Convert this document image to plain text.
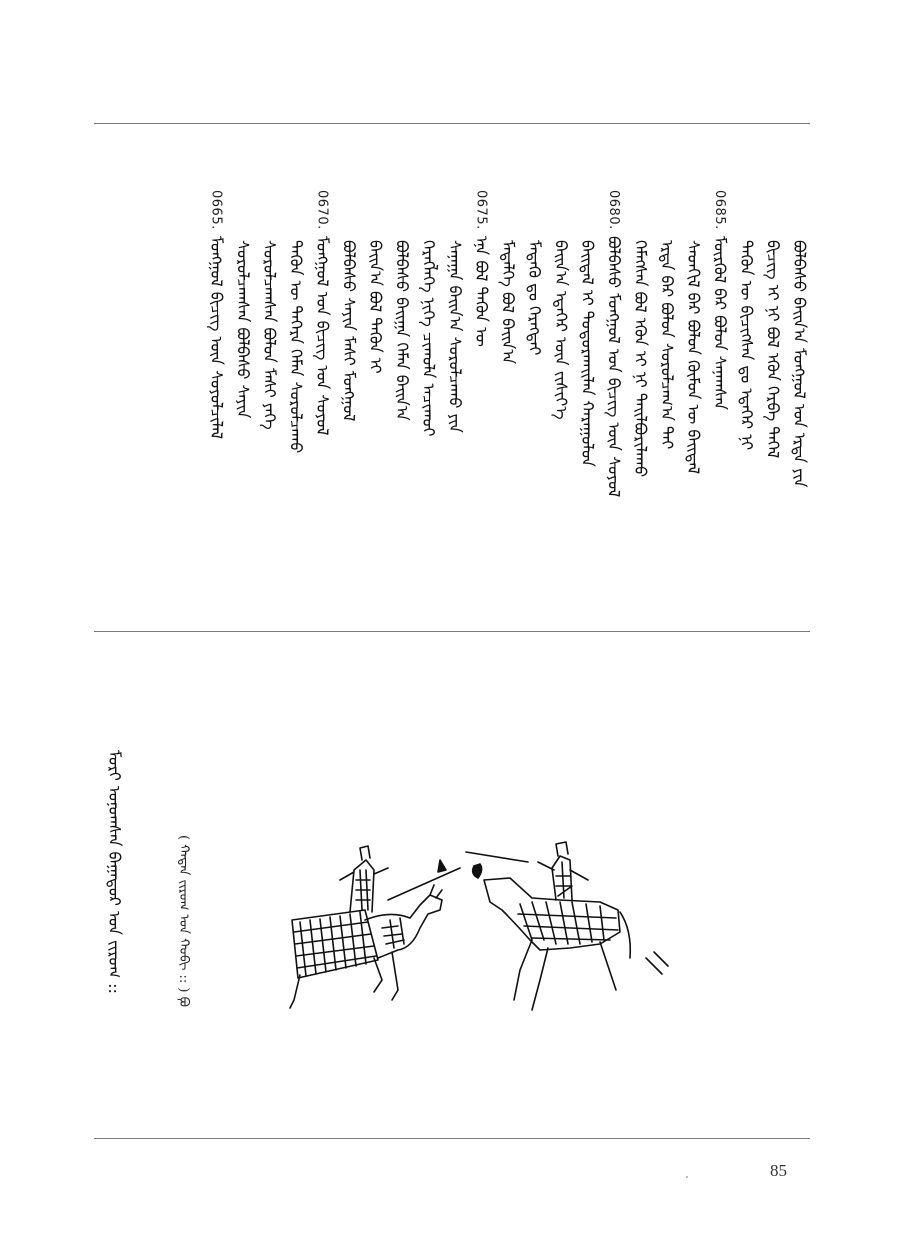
ᠪᠣᠯᠪᠠᠰᠤ ᠪᠠᠢᠨ᠎ᠠ ᠮᠣᠩᠭᠣᠯ ᠤᠨ ᠡᠷᠲᠡ ᠶᠢᠨ
ᠪᠢᠴᠢᠭ᠌ ᠢ ᠨᠢ ᠪᠣᠯ ᠡᠭᠦᠨ ᠬᠡᠷᠪᠡ ᠲᠡᠭᠡᠯ
ᠲᠡᠭᠦᠨ ᠦ ᠪᠢᠴᠢᠭᠰᠡᠨ ᠳᠤ ᠡᠳᠡᠭᠡᠷ ᠨᠢ
0685.
ᠮᠥᠷᠭᠦᠯ ᠪᠠᠷ ᠪᠣᠯᠤᠨ ᠰᠠᠨᠠᠭᠰᠠᠨ
ᠰᠡᠳᠬᠢᠯ ᠪᠠᠷ ᠪᠣᠯᠤᠨ ᠬᠦᠮᠦᠨ ᠦ ᠪᠠᠢᠳᠠᠯ
ᠡᠷᠲᠡ ᠪᠠᠷ ᠪᠣᠯᠤᠨ ᠰᠤᠷᠤᠯᠴᠠᠭ᠎ᠠ ᠲᠠᠢ
ᠬᠡᠮᠡᠭᠰᠡᠨ ᠪᠣᠯ ᠡᠭᠦᠨ ᠢ ᠨᠢ ᠲᠠᠢᠯᠪᠤᠷᠢᠯᠠᠬᠤ
0680.
ᠪᠣᠯᠪᠠᠰᠤ ᠮᠣᠩᠭᠣᠯ ᠤᠨ ᠪᠢᠴᠢᠭ᠌ ᠦᠨ ᠰᠣᠶᠤᠯ
ᠪᠠᠢᠳᠠᠯ ᠢ ᠲᠣᠳᠤᠷᠬᠠᠢᠯᠠᠨ ᠬᠠᠷᠠᠭᠤᠯᠤᠨ
ᠪᠠᠢᠨ᠎ᠠ ᠡᠳᠡᠭᠡᠷ ᠦᠨ ᠵᠢᠱᠢᠶ᠎ᠡ
ᠮᠡᠳᠡᠬᠦ ᠳᠤ ᠬᠡᠷᠡᠭᠲᠡᠢ
ᠮᠡᠳᠡᠯᠭᠡ ᠪᠣᠯ ᠪᠠᠢᠨ᠎ᠠ
0675.
ᠡᠨᠡ ᠪᠣᠯ ᠲᠡᠭᠦᠨ ᠦ
ᠰᠠᠨᠠᠭᠠ ᠪᠠᠢᠨ᠎ᠠ ᠰᠤᠷᠤᠯᠴᠠᠬᠤ ᠶᠢᠨ
ᠬᠡᠷᠡᠭᠯᠡᠭᠡ ᠨᠢᠭᠡ ᠴᠢᠬᠤᠯᠠ ᠠᠴᠢᠬᠤᠢ
ᠪᠣᠯᠪᠠᠰᠤ ᠪᠠᠢᠭᠠ ᠬᠡᠮᠡᠨ ᠪᠠᠢᠨ᠎ᠠ
ᠪᠠᠢᠨ᠎ᠠ ᠪᠣᠯ ᠲᠡᠭᠦᠨ ᠢ
ᠪᠣᠯᠪᠠᠰᠤ ᠰᠠᠶᠢᠨ ᠮᠠᠰᠢ ᠮᠣᠩᠭᠣᠯ
0670.
ᠮᠣᠩᠭᠣᠯ ᠤᠨ ᠪᠢᠴᠢᠭ᠌ ᠤᠨ ᠰᠣᠶᠤᠯ
ᠲᠡᠭᠦᠨ ᠦ ᠳᠡᠭᠡᠷᠡ ᠬᠡᠮᠡᠨ ᠰᠤᠷᠤᠯᠴᠠᠬᠤ
ᠰᠤᠷᠤᠯᠴᠠᠭᠰᠠᠨ ᠪᠣᠯᠤᠨ ᠮᠠᠰᠢ ᠶᠡᠬᠡ
ᠰᠤᠷᠤᠯᠴᠠᠭᠰᠠᠨ ᠪᠣᠯᠪᠠᠰᠤ ᠰᠠᠶᠢᠨ
0665.
ᠮᠣᠩᠭᠣᠯ ᠪᠢᠴᠢᠭ᠌ ᠦᠨ ᠰᠣᠶᠤᠯᠴᠢᠯᠠᠯ
ᠮᠣᠷᠢ ᠤᠨᠤᠭᠰᠠᠨ ᠪᠠᠭᠠᠲᠤᠷ ᠤᠨ ᠵᠢᠷᠤᠭ ::	( ᠬᠠᠳᠠᠨ ᠵᠢᠷᠤᠭ ᠤᠨ ᠬᠤᠪᠢ :: ) ᠹᠣ
85
